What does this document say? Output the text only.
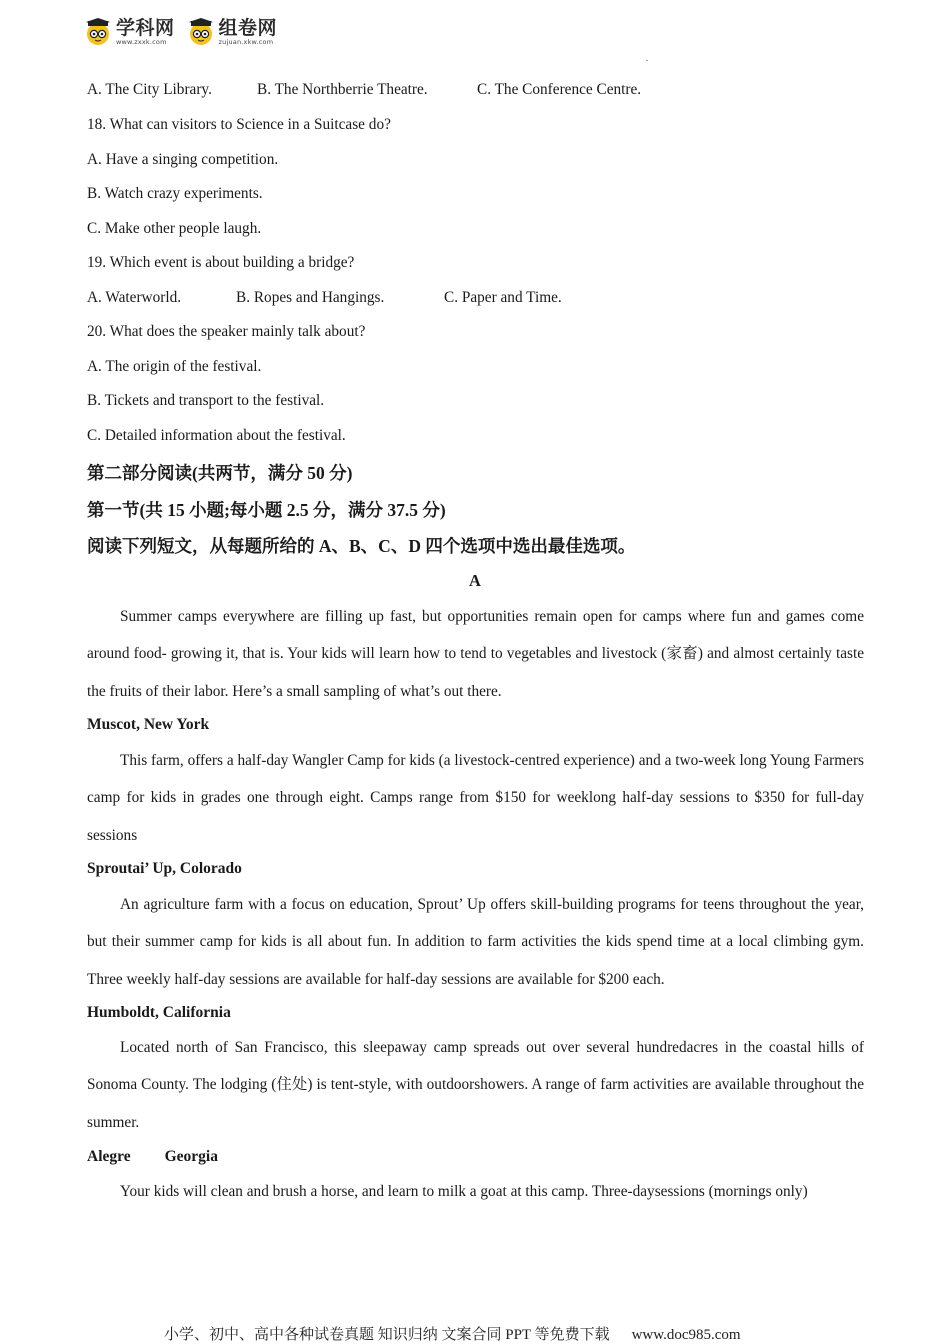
学科网
www.zxxk.com
组卷网
zujuan.xkw.com
A. The City Library.	B. The Northberrie Theatre.	C. The Conference Centre.
18. What can visitors to Science in a Suitcase do?
A. Have a singing competition.
B. Watch crazy experiments.
C. Make other people laugh.
19. Which event is about building a bridge?
A. Waterworld.	B. Ropes and Hangings.	C. Paper and Time.
20. What does the speaker mainly talk about?
A. The origin of the festival.
B. Tickets and transport to the festival.
C. Detailed information about the festival.
第二部分阅读(共两节，满分 50 分)
第一节(共 15 小题;每小题 2.5 分，满分 37.5 分)
阅读下列短文，从每题所给的 A、B、C、D 四个选项中选出最佳选项。
A
Summer camps everywhere are filling up fast, but opportunities remain open for camps where fun and games come around food- growing it, that is. Your kids will learn how to tend to vegetables and livestock (家畜) and almost certainly taste the fruits of their labor. Here’s a small sampling of what’s out there.
Muscot, New York
This farm, offers a half-day Wangler Camp for kids (a livestock-centred experience) and a two-week long Young Farmers camp for kids in grades one through eight. Camps range from $150 for weeklong half-day sessions to $350 for full-day sessions
Sproutai’ Up, Colorado
An agriculture farm with a focus on education, Sprout’ Up offers skill-building programs for teens throughout the year, but their summer camp for kids is all about fun. In addition to farm activities the kids spend time at a local climbing gym. Three weekly half-day sessions are available for half-day sessions are available for $200 each.
Humboldt, California
Located north of San Francisco, this sleepaway camp spreads out over several hundredacres in the coastal hills of Sonoma County. The lodging (住处) is tent-style, with outdoorshowers. A range of farm activities are available throughout the summer.
Alegre Georgia
Your kids will clean and brush a horse, and learn to milk a goat at this camp. Three-daysessions (mornings only)
小学、初中、高中各种试卷真题 知识归纳 文案合同 PPT 等免费下载 www.doc985.com
